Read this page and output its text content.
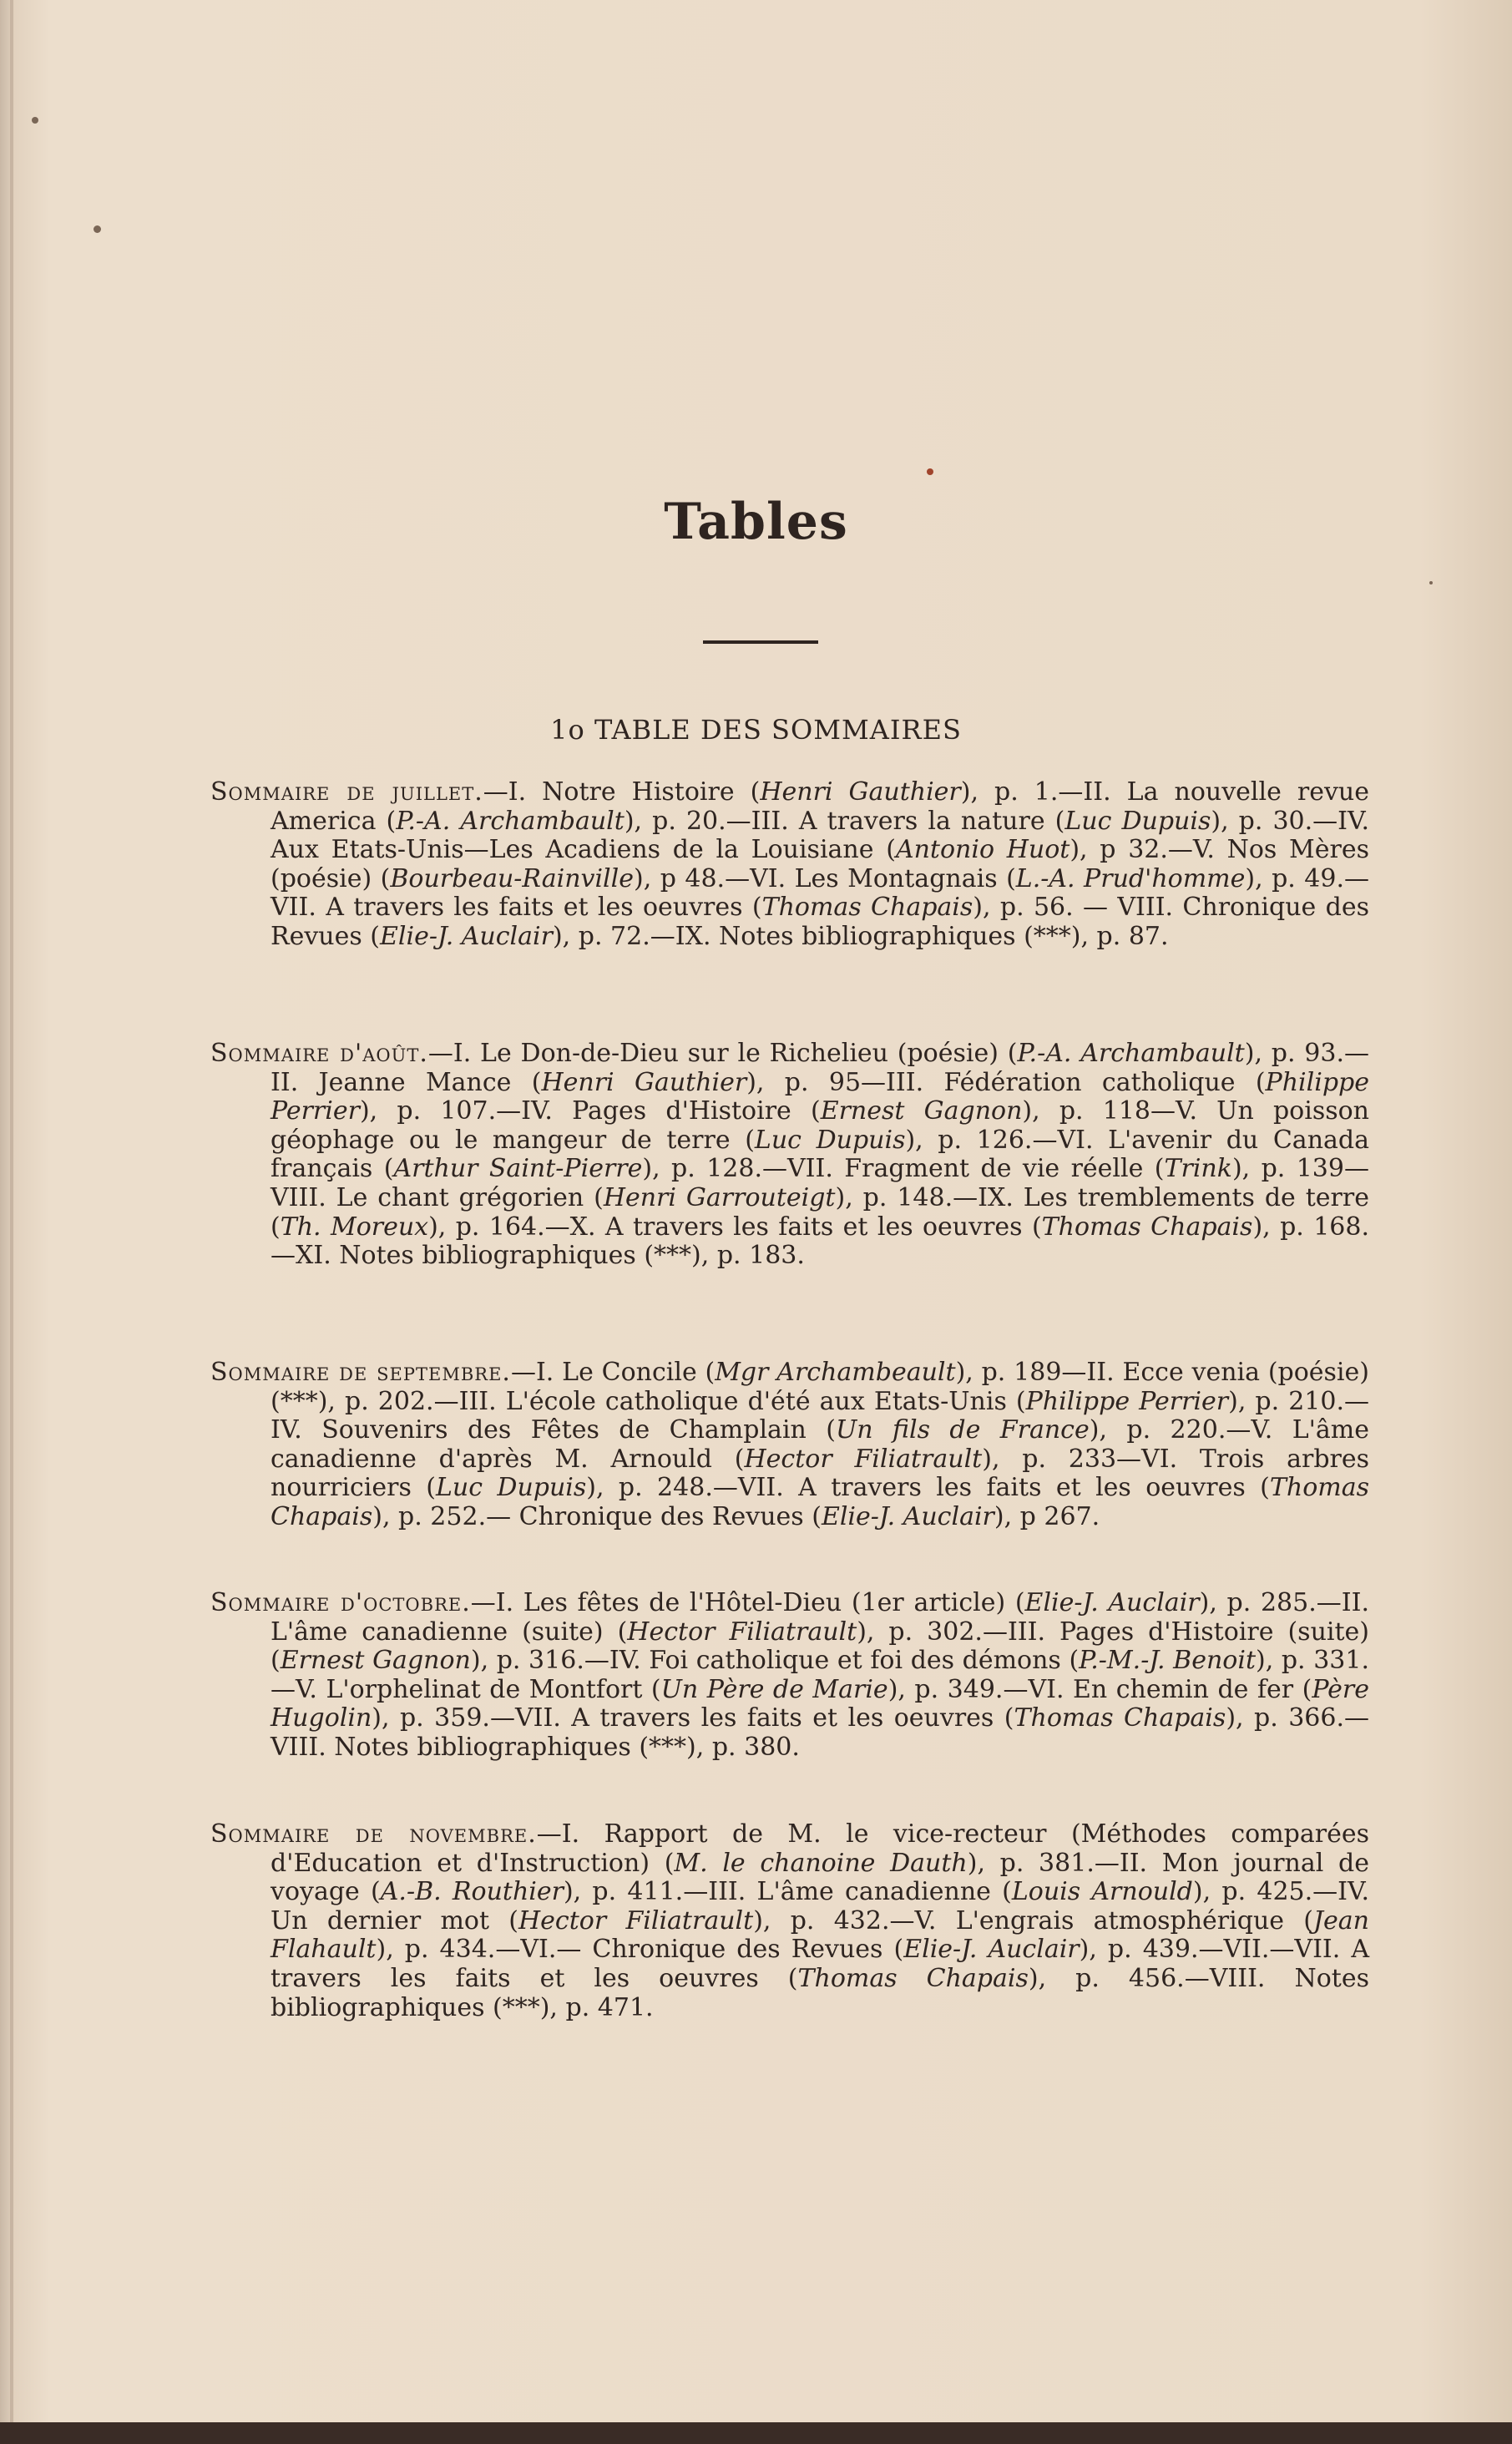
Tables
1o TABLE DES SOMMAIRES

Sommaire de juillet.—I. Notre Histoire (Henri Gauthier), p. 1.—II. La nouvelle revue America (P.-A. Archambault), p. 20.—III. A travers la nature (Luc Dupuis), p. 30.—IV. Aux Etats-Unis—Les Acadiens de la Louisiane (Antonio Huot), p 32.—V. Nos Mères (poésie) (Bourbeau-Rainville), p 48.—VI. Les Montagnais (L.-A. Prud'homme), p. 49.—VII. A travers les faits et les oeuvres (Thomas Chapais), p. 56. — VIII. Chronique des Revues (Elie-J. Auclair), p. 72.—IX. Notes bibliographiques (***), p. 87.

Sommaire d'août.—I. Le Don-de-Dieu sur le Richelieu (poésie) (P.-A. Archambault), p. 93.—II. Jeanne Mance (Henri Gauthier), p. 95—III. Fédération catholique (Philippe Perrier), p. 107.—IV. Pages d'Histoire (Ernest Gagnon), p. 118—V. Un poisson géophage ou le mangeur de terre (Luc Dupuis), p. 126.—VI. L'avenir du Canada français (Arthur Saint-Pierre), p. 128.—VII. Fragment de vie réelle (Trink), p. 139— VIII. Le chant grégorien (Henri Garrouteigt), p. 148.—IX. Les tremblements de terre (Th. Moreux), p. 164.—X. A travers les faits et les oeuvres (Thomas Chapais), p. 168.—XI. Notes bibliographiques (***), p. 183.

Sommaire de septembre.—I. Le Concile (Mgr Archambeault), p. 189—II. Ecce venia (poésie) (***), p. 202.—III. L'école catholique d'été aux Etats-Unis (Philippe Perrier), p. 210.—IV. Souvenirs des Fêtes de Champlain (Un fils de France), p. 220.—V. L'âme canadienne d'après M. Arnould (Hector Filiatrault), p. 233—VI. Trois arbres nourriciers (Luc Dupuis), p. 248.—VII. A travers les faits et les oeuvres (Thomas Chapais), p. 252.— Chronique des Revues (Elie-J. Auclair), p 267.

Sommaire d'octobre.—I. Les fêtes de l'Hôtel-Dieu (1er article) (Elie-J. Auclair), p. 285.—II. L'âme canadienne (suite) (Hector Filiatrault), p. 302.—III. Pages d'Histoire (suite) (Ernest Gagnon), p. 316.—IV. Foi catholique et foi des démons (P.-M.-J. Benoit), p. 331.—V. L'orphelinat de Montfort (Un Père de Marie), p. 349.—VI. En chemin de fer (Père Hugolin), p. 359.—VII. A travers les faits et les oeuvres (Thomas Chapais), p. 366.—VIII. Notes bibliographiques (***), p. 380.

Sommaire de novembre.—I. Rapport de M. le vice-recteur (Méthodes comparées d'Education et d'Instruction) (M. le chanoine Dauth), p. 381.—II. Mon journal de voyage (A.-B. Routhier), p. 411.—III. L'âme canadienne (Louis Arnould), p. 425.—IV. Un dernier mot (Hector Filiatrault), p. 432.—V. L'engrais atmosphérique (Jean Flahault), p. 434.—VI.— Chronique des Revues (Elie-J. Auclair), p. 439.—VII.—VII. A travers les faits et les oeuvres (Thomas Chapais), p. 456.—VIII. Notes bibliographiques (***), p. 471.
